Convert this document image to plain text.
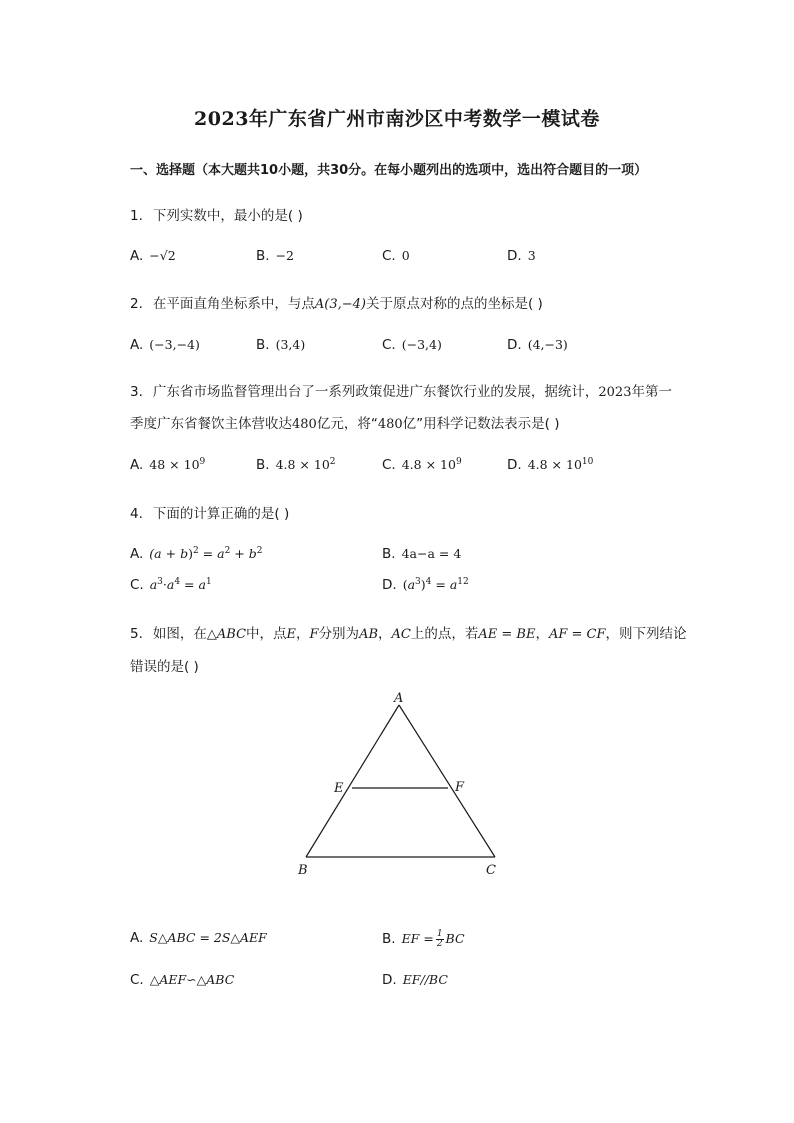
2023年广东省广州市南沙区中考数学一模试卷
一、选择题（本大题共10小题，共30分。在每小题列出的选项中，选出符合题目的一项）
1. 下列实数中，最小的是( )
A. −√2	B. −2	C. 0	D. 3
2. 在平面直角坐标系中，与点A(3,−4)关于原点对称的点的坐标是( )
A. (−3,−4)	B. (3,4)	C. (−3,4)	D. (4,−3)
3. 广东省市场监督管理出台了一系列政策促进广东餐饮行业的发展，据统计，2023年第一
季度广东省餐饮主体营收达480亿元，将“480亿”用科学记数法表示是( )
A. $48 \times 10^9$	B. $4.8 \times 10^2$	C. $4.8 \times 10^9$	D. $4.8 \times 10^{10}$
4. 下面的计算正确的是( )
A. $(a + b)^2 = a^2 + b^2$	B. 4a−a = 4
C. $a^3\cdot a^4 = a^1$	D. $(a^3)^4 = a^{12}$
5. 如图，在△ABC中，点E，F分别为AB，AC上的点，若AE = BE，AF = CF，则下列结论
错误的是( )
A
E	F
B	C
A. S△ABC = 2S△AEF	B. EF = $\frac{1}{2}$ BC
C. △AEF∽△ABC	D. EF//BC
